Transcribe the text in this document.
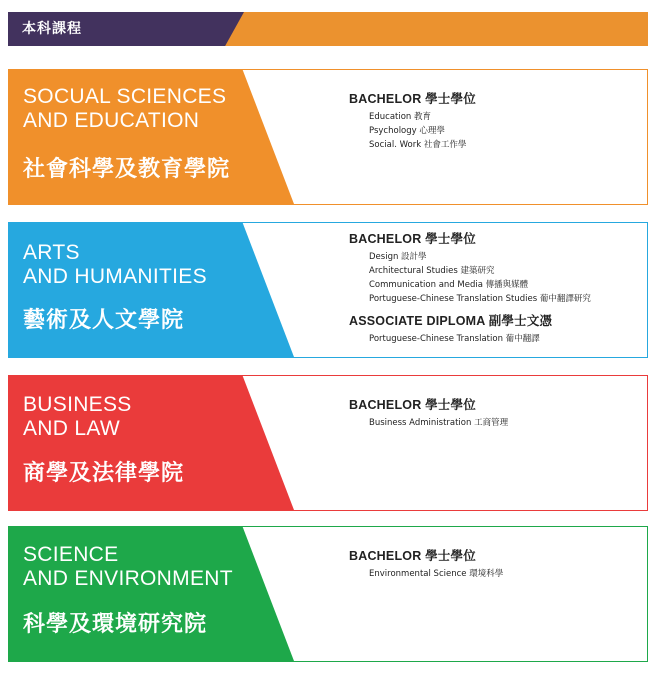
本科課程
SOCUAL SCIENCES
AND EDUCATION
社會科學及教育學院
BACHELOR 學士學位
Education 教育
Psychology 心理學
Social. Work 社會工作學
ARTS
AND HUMANITIES
藝術及人文學院
BACHELOR 學士學位
Design 設計學
Architectural Studies 建築研究
Communication and Media 傳播與媒體
Portuguese-Chinese Translation Studies 葡中翻譯研究
ASSOCIATE DIPLOMA 副學士文憑
Portuguese-Chinese Translation 葡中翻譯
BUSINESS
AND LAW
商學及法律學院
BACHELOR 學士學位
Business Administration 工商管理
SCIENCE
AND ENVIRONMENT
科學及環境研究院
BACHELOR 學士學位
Environmental Science 環境科學
